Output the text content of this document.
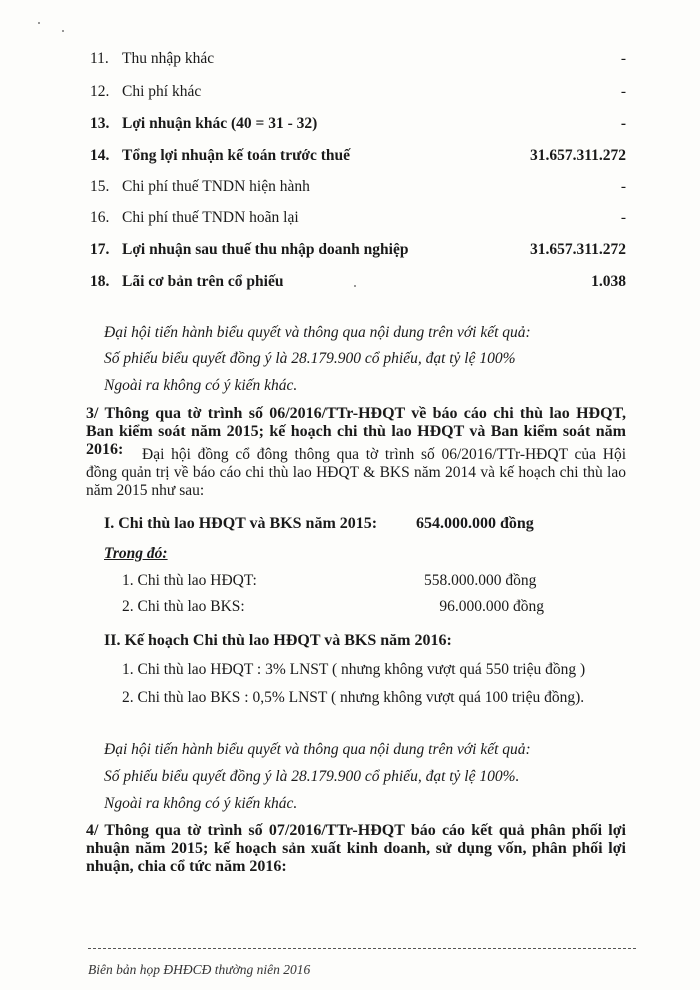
11. Thu nhập khác	-
12. Chi phí khác	-
13. Lợi nhuận khác (40 = 31 - 32)	-
14. Tổng lợi nhuận kế toán trước thuế	31.657.311.272
15. Chi phí thuế TNDN hiện hành	-
16. Chi phí thuế TNDN hoãn lại	-
17. Lợi nhuận sau thuế thu nhập doanh nghiệp	31.657.311.272
18. Lãi cơ bản trên cổ phiếu	1.038
Đại hội tiến hành biểu quyết và thông qua nội dung trên với kết quả:
Số phiếu biểu quyết đồng ý là 28.179.900 cổ phiếu, đạt tỷ lệ 100%
Ngoài ra không có ý kiến khác.
3/ Thông qua tờ trình số 06/2016/TTr-HĐQT về báo cáo chi thù lao HĐQT, Ban kiểm soát năm 2015; kế hoạch chi thù lao HĐQT và Ban kiểm soát năm 2016:	Đại hội đồng cổ đông thông qua tờ trình số 06/2016/TTr-HĐQT của Hội đồng quản trị về báo cáo chi thù lao HĐQT & BKS năm 2014 và kế hoạch chi thù lao năm 2015 như sau:
I. Chi thù lao HĐQT và BKS năm 2015: 654.000.000 đồng
Trong đó:
1. Chi thù lao HĐQT:	558.000.000 đồng
2. Chi thù lao BKS:	96.000.000 đồng
II. Kế hoạch Chi thù lao HĐQT và BKS năm 2016:
1. Chi thù lao HĐQT : 3% LNST ( nhưng không vượt quá 550 triệu đồng )
2. Chi thù lao BKS : 0,5% LNST ( nhưng không vượt quá 100 triệu đồng).
Đại hội tiến hành biểu quyết và thông qua nội dung trên với kết quả:
Số phiếu biểu quyết đồng ý là 28.179.900 cổ phiếu, đạt tỷ lệ 100%.
Ngoài ra không có ý kiến khác.
4/ Thông qua tờ trình số 07/2016/TTr-HĐQT báo cáo kết quả phân phối lợi nhuận năm 2015; kế hoạch sản xuất kinh doanh, sử dụng vốn, phân phối lợi nhuận, chia cổ tức năm 2016:
Biên bản họp ĐHĐCĐ thường niên 2016
